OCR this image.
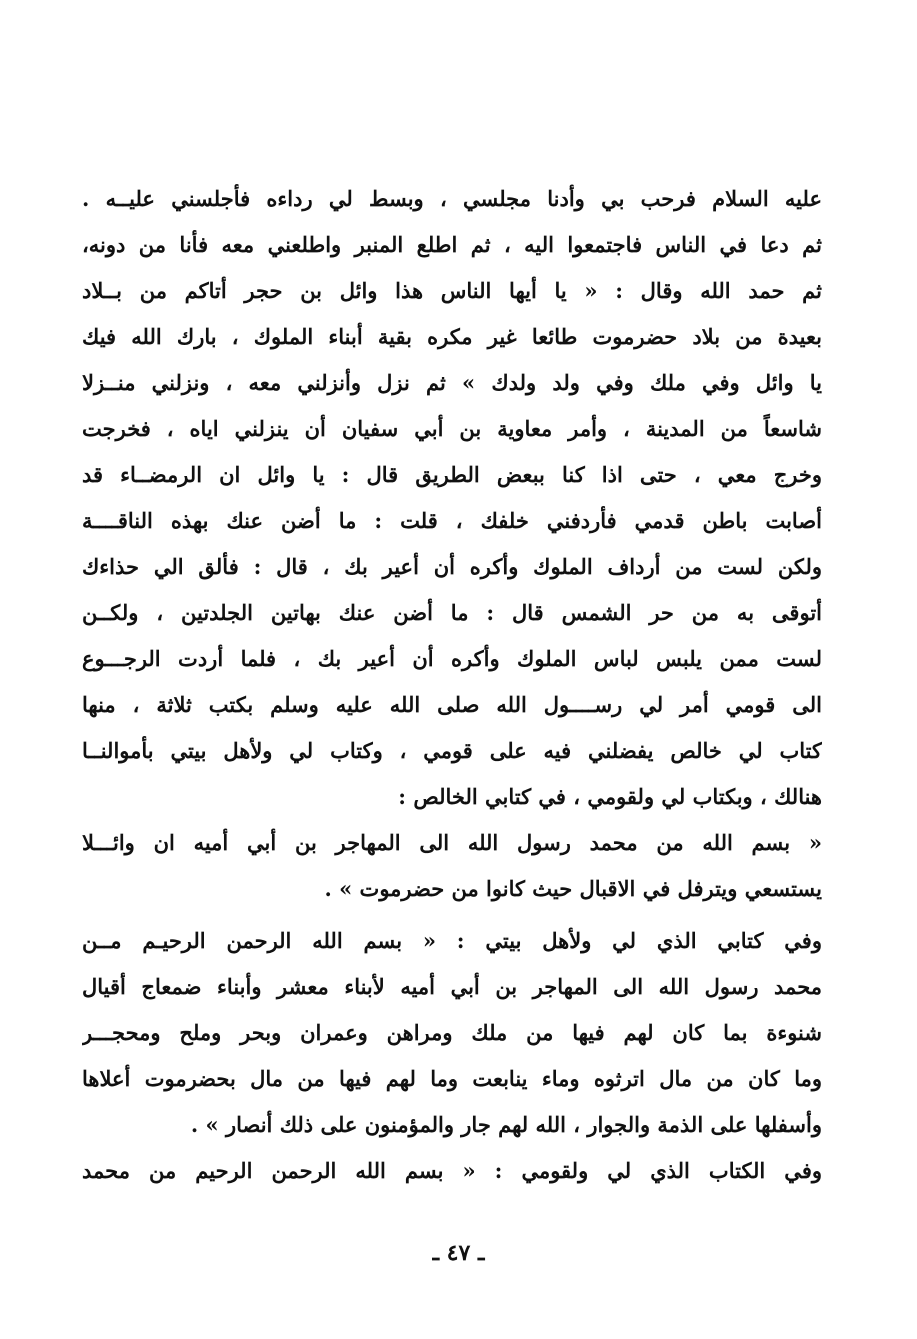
عليه السلام فرحب بي وأدنا مجلسي ، وبسط لي رداءه فأجلسني عليــه .
ثم دعا في الناس فاجتمعوا اليه ، ثم اطلع المنبر واطلعني معه فأنا من دونه،
ثم حمد الله وقال : « يا أيها الناس هذا وائل بن حجر أتاكم من بــلاد
بعيدة من بلاد حضرموت طائعا غير مكره بقية أبناء الملوك ، بارك الله فيك
يا وائل وفي ملك وفي ولد ولدك » ثم نزل وأنزلني معه ، ونزلني منــزلا
شاسعاً من المدينة ، وأمر معاوية بن أبي سفيان أن ينزلني اياه ، فخرجت
وخرج معي ، حتى اذا كنا ببعض الطريق قال : يا وائل ان الرمضــاء قد
أصابت باطن قدمي فأردفني خلفك ، قلت : ما أضن عنك بهذه الناقــــة
ولكن لست من أرداف الملوك وأكره أن أعير بك ، قال : فألق الي حذاءك
أتوقى به من حر الشمس قال : ما أضن عنك بهاتين الجلدتين ، ولكــن
لست ممن يلبس لباس الملوك وأكره أن أعير بك ، فلما أردت الرجـــوع
الى قومي أمر لي رســــول الله صلى الله عليه وسلم بكتب ثلاثة ، منها
كتاب لي خالص يفضلني فيه على قومي ، وكتاب لي ولأهل بيتي بأموالنــا
هنالك ، وبكتاب لي ولقومي ، في كتابي الخالص :
« بسم الله من محمد رسول الله الى المهاجر بن أبي أميه ان وائـــلا
يستسعي ويترفل في الاقبال حيث كانوا من حضرموت » .
وفي كتابي الذي لي ولأهل بيتي : « بسم الله الرحمن الرحيـم مــن
محمد رسول الله الى المهاجر بن أبي أميه لأبناء معشر وأبناء ضمعاج أقيال
شنوءة بما كان لهم فيها من ملك ومراهن وعمران وبحر وملح ومحجـــر
وما كان من مال اترثوه وماء ينابعت وما لهم فيها من مال بحضرموت أعلاها
وأسفلها على الذمة والجوار ، الله لهم جار والمؤمنون على ذلك أنصار » .
وفي الكتاب الذي لي ولقومي : « بسم الله الرحمن الرحيم من محمد
ـ ٤٧ ـ
